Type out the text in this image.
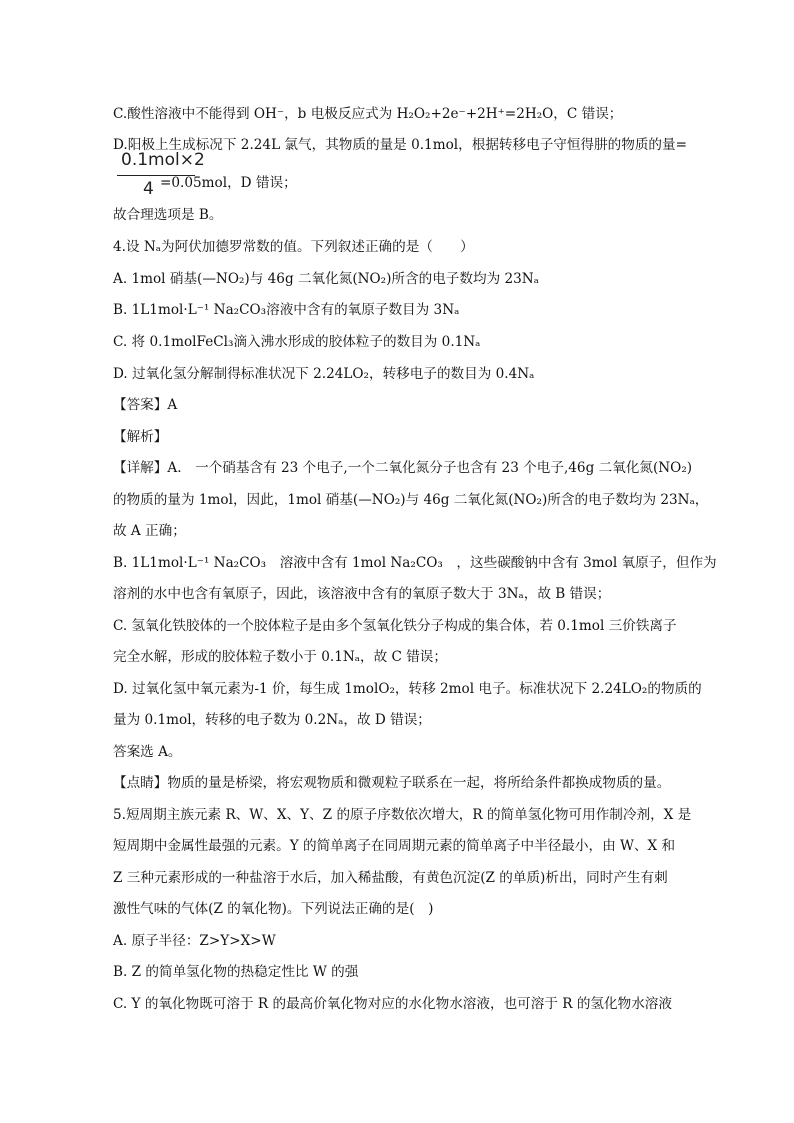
C.酸性溶液中不能得到 OH⁻，b 电极反应式为 H₂O₂+2e⁻+2H⁺=2H₂O，C 错误；
D.阳极上生成标况下 2.24L 氯气，其物质的量是 0.1mol，根据转移电子守恒得肼的物质的量=
0.1mol×2
4 =0.05mol，D 错误；
故合理选项是 B。
4.设 Nₐ为阿伏加德罗常数的值。下列叙述正确的是（　　）
A. 1mol 硝基(—NO₂)与 46g 二氧化氮(NO₂)所含的电子数均为 23Nₐ
B. 1L1mol·L⁻¹ Na₂CO₃溶液中含有的氧原子数目为 3Nₐ
C. 将 0.1molFeCl₃滴入沸水形成的胶体粒子的数目为 0.1Nₐ
D. 过氧化氢分解制得标准状况下 2.24LO₂，转移电子的数目为 0.4Nₐ
【答案】A
【解析】
【详解】A.　一个硝基含有 23 个电子,一个二氧化氮分子也含有 23 个电子,46g 二氧化氮(NO₂)
的物质的量为 1mol，因此，1mol 硝基(—NO₂)与 46g 二氧化氮(NO₂)所含的电子数均为 23Nₐ，
故 A 正确；
B. 1L1mol·L⁻¹ Na₂CO₃　溶液中含有 1mol Na₂CO₃　，这些碳酸钠中含有 3mol 氧原子，但作为
溶剂的水中也含有氧原子，因此，该溶液中含有的氧原子数大于 3Nₐ，故 B 错误；
C. 氢氧化铁胶体的一个胶体粒子是由多个氢氧化铁分子构成的集合体，若 0.1mol 三价铁离子
完全水解，形成的胶体粒子数小于 0.1Nₐ，故 C 错误；
D. 过氧化氢中氧元素为-1 价，每生成 1molO₂，转移 2mol 电子。标准状况下 2.24LO₂的物质的
量为 0.1mol，转移的电子数为 0.2Nₐ，故 D 错误；
答案选 A。
【点睛】物质的量是桥梁，将宏观物质和微观粒子联系在一起，将所给条件都换成物质的量。
5.短周期主族元素 R、W、X、Y、Z 的原子序数依次增大，R 的简单氢化物可用作制冷剂，X 是
短周期中金属性最强的元素。Y 的简单离子在同周期元素的简单离子中半径最小，由 W、X 和
Z 三种元素形成的一种盐溶于水后，加入稀盐酸，有黄色沉淀(Z 的单质)析出，同时产生有刺
激性气味的气体(Z 的氧化物)。下列说法正确的是(　)
A. 原子半径：Z>Y>X>W
B. Z 的简单氢化物的热稳定性比 W 的强
C. Y 的氧化物既可溶于 R 的最高价氧化物对应的水化物水溶液，也可溶于 R 的氢化物水溶液
